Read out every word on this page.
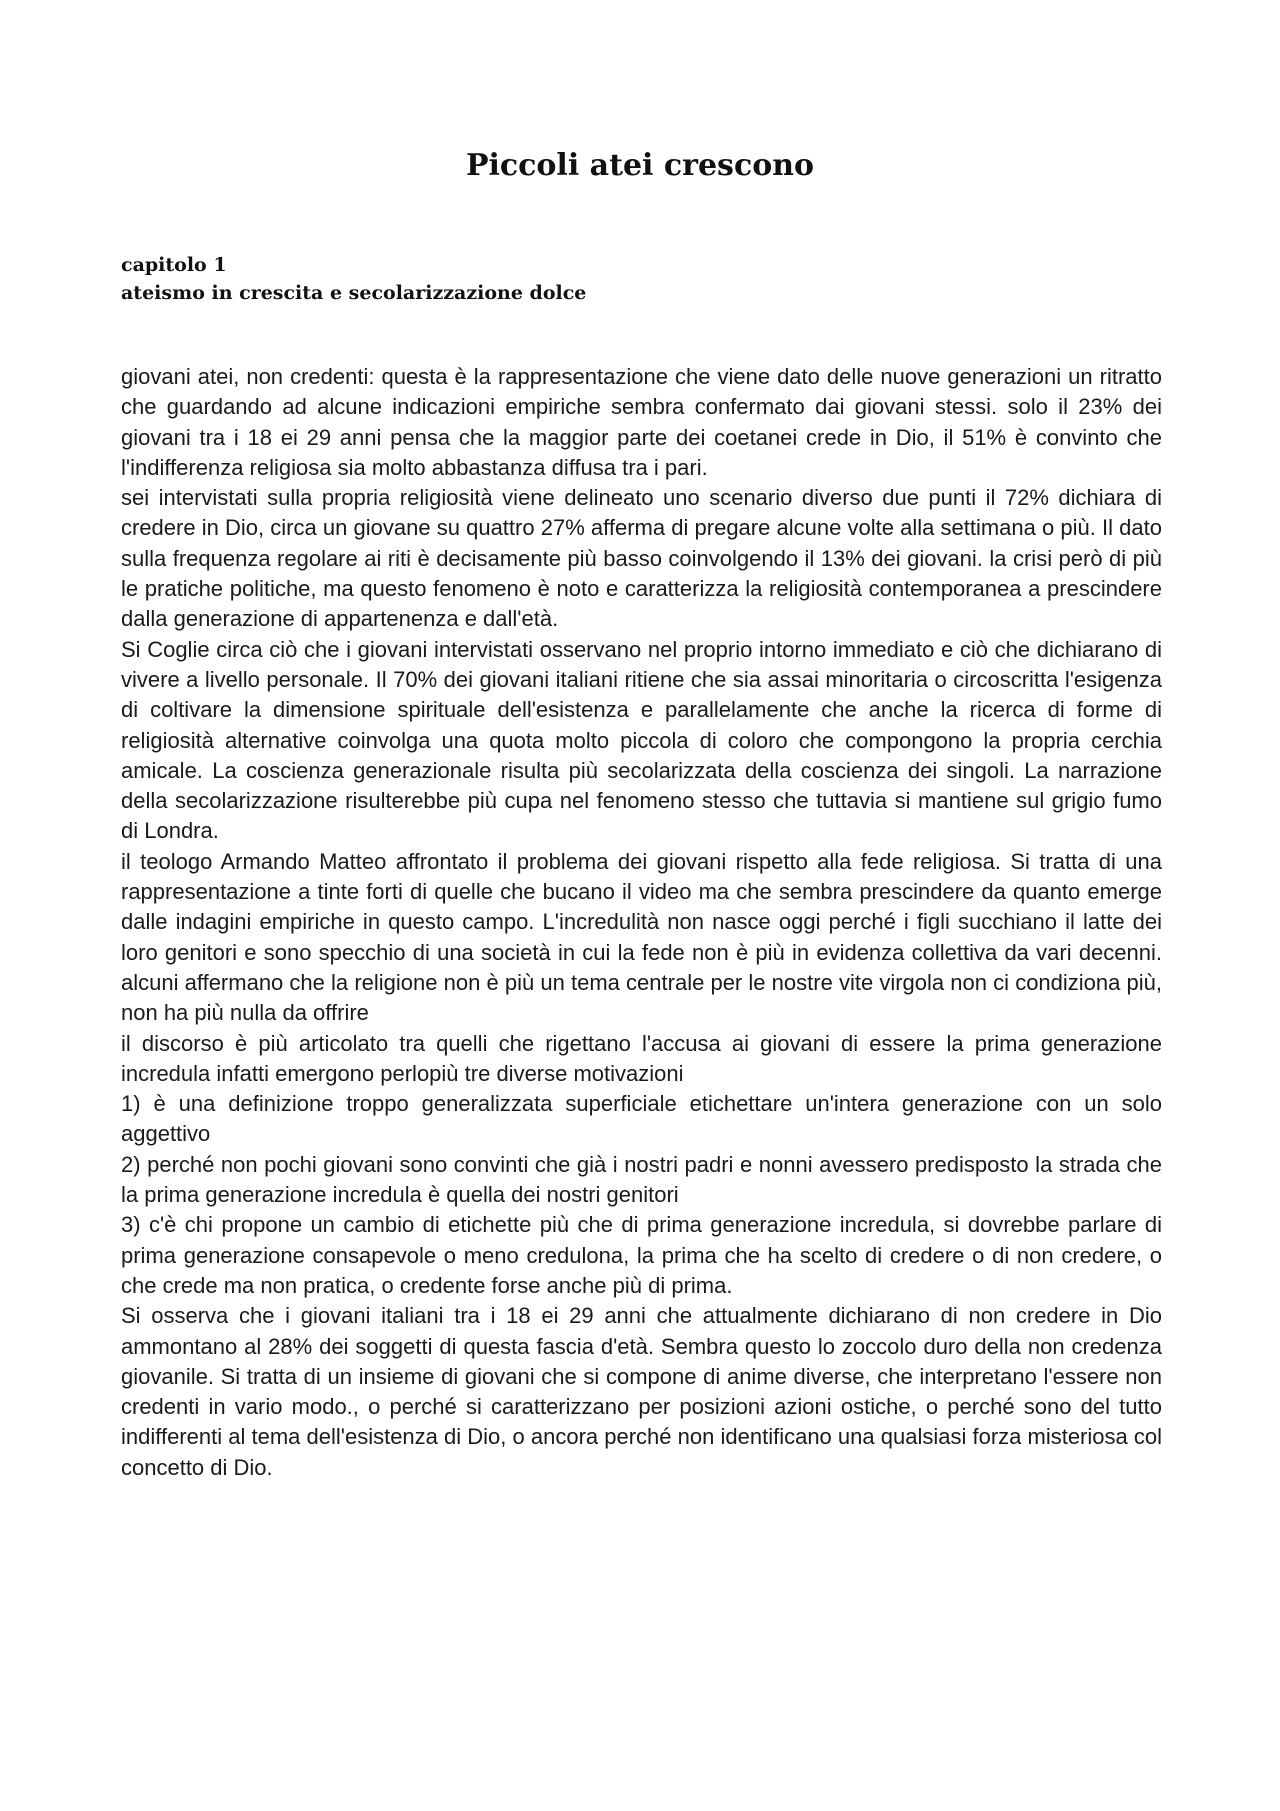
Piccoli atei crescono
capitolo 1
ateismo in crescita e secolarizzazione dolce

giovani atei, non credenti: questa è la rappresentazione che viene dato delle nuove generazioni un ritratto che guardando ad alcune indicazioni empiriche sembra confermato dai giovani stessi. solo il 23% dei giovani tra i 18 ei 29 anni pensa che la maggior parte dei coetanei crede in Dio, il 51% è convinto che l'indifferenza religiosa sia molto abbastanza diffusa tra i pari.

sei intervistati sulla propria religiosità viene delineato uno scenario diverso due punti il 72% dichiara di credere in Dio, circa un giovane su quattro 27% afferma di pregare alcune volte alla settimana o più. Il dato sulla frequenza regolare ai riti è decisamente più basso coinvolgendo il 13% dei giovani. la crisi però di più le pratiche politiche, ma questo fenomeno è noto e caratterizza la religiosità contemporanea a prescindere dalla generazione di appartenenza e dall'età.

Si Coglie circa ciò che i giovani intervistati osservano nel proprio intorno immediato e ciò che dichiarano di vivere a livello personale. Il 70% dei giovani italiani ritiene che sia assai minoritaria o circoscritta l'esigenza di coltivare la dimensione spirituale dell'esistenza e parallelamente che anche la ricerca di forme di religiosità alternative coinvolga una quota molto piccola di coloro che compongono la propria cerchia amicale. La coscienza generazionale risulta più secolarizzata della coscienza dei singoli. La narrazione della secolarizzazione risulterebbe più cupa nel fenomeno stesso che tuttavia si mantiene sul grigio fumo di Londra.

il teologo Armando Matteo affrontato il problema dei giovani rispetto alla fede religiosa. Si tratta di una rappresentazione a tinte forti di quelle che bucano il video ma che sembra prescindere da quanto emerge dalle indagini empiriche in questo campo. L'incredulità non nasce oggi perché i figli succhiano il latte dei loro genitori e sono specchio di una società in cui la fede non è più in evidenza collettiva da vari decenni. alcuni affermano che la religione non è più un tema centrale per le nostre vite virgola non ci condiziona più, non ha più nulla da offrire

il discorso è più articolato tra quelli che rigettano l'accusa ai giovani di essere la prima generazione incredula infatti emergono perlopiù tre diverse motivazioni

1) è una definizione troppo generalizzata superficiale etichettare un'intera generazione con un solo aggettivo

2) perché non pochi giovani sono convinti che già i nostri padri e nonni avessero predisposto la strada che la prima generazione incredula è quella dei nostri genitori

3) c'è chi propone un cambio di etichette più che di prima generazione incredula, si dovrebbe parlare di prima generazione consapevole o meno credulona, la prima che ha scelto di credere o di non credere, o che crede ma non pratica, o credente forse anche più di prima.

Si osserva che i giovani italiani tra i 18 ei 29 anni che attualmente dichiarano di non credere in Dio ammontano al 28% dei soggetti di questa fascia d'età. Sembra questo lo zoccolo duro della non credenza giovanile. Si tratta di un insieme di giovani che si compone di anime diverse, che interpretano l'essere non credenti in vario modo., o perché si caratterizzano per posizioni azioni ostiche, o perché sono del tutto indifferenti al tema dell'esistenza di Dio, o ancora perché non identificano una qualsiasi forza misteriosa col concetto di Dio.
